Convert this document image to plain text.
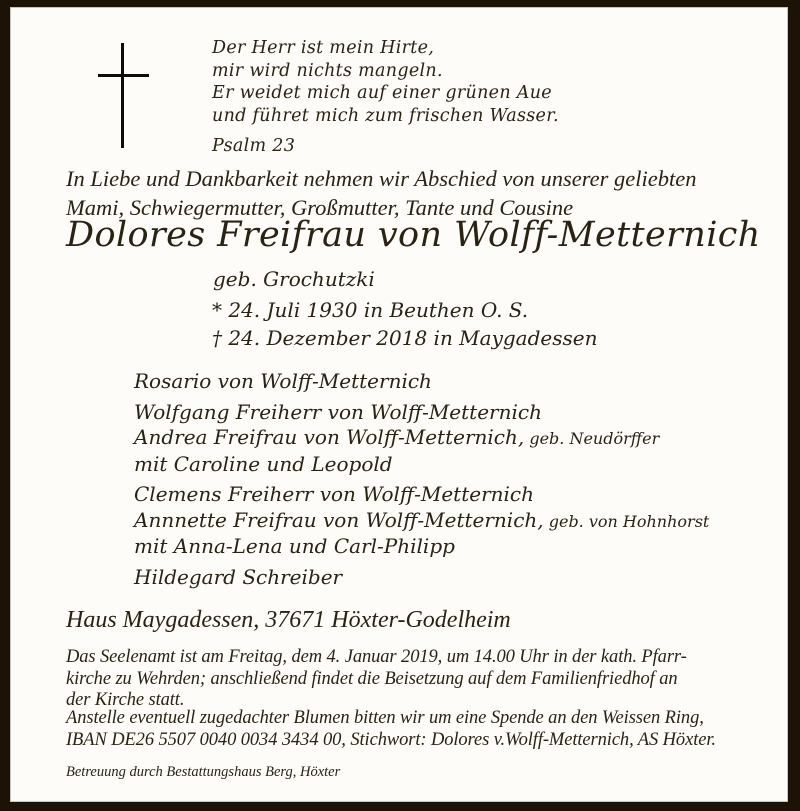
Der Herr ist mein Hirte,
mir wird nichts mangeln.
Er weidet mich auf einer grünen Aue
und führet mich zum frischen Wasser.
Psalm 23
In Liebe und Dankbarkeit nehmen wir Abschied von unserer geliebten
Mami, Schwiegermutter, Großmutter, Tante und Cousine
Dolores Freifrau von Wolff-Metternich
geb. Grochutzki
* 24. Juli 1930 in Beuthen O. S.
† 24. Dezember 2018 in Maygadessen
Rosario von Wolff-Metternich
Wolfgang Freiherr von Wolff-Metternich
Andrea Freifrau von Wolff-Metternich, geb. Neudörffer
mit Caroline und Leopold
Clemens Freiherr von Wolff-Metternich
Annnette Freifrau von Wolff-Metternich, geb. von Hohnhorst
mit Anna-Lena und Carl-Philipp
Hildegard Schreiber
Haus Maygadessen, 37671 Höxter-Godelheim
Das Seelenamt ist am Freitag, dem 4. Januar 2019, um 14.00 Uhr in der kath. Pfarr-
kirche zu Wehrden; anschließend findet die Beisetzung auf dem Familienfriedhof an
der Kirche statt.
Anstelle eventuell zugedachter Blumen bitten wir um eine Spende an den Weissen Ring,
IBAN DE26 5507 0040 0034 3434 00, Stichwort: Dolores v.Wolff-Metternich, AS Höxter.
Betreuung durch Bestattungshaus Berg, Höxter
